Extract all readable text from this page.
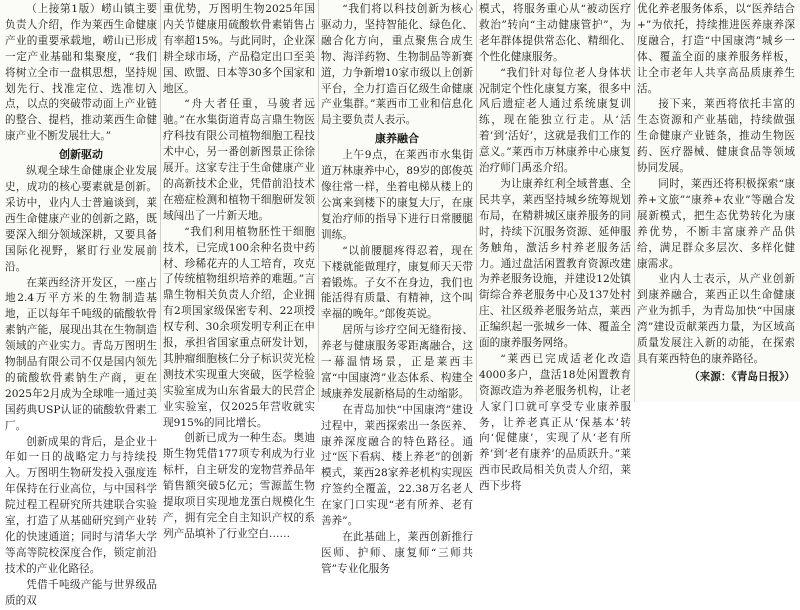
（上接第1版）崂山镇主要负责人介绍，作为莱西生命健康产业的重要承载地，崂山已形成一定产业基础和集聚度，“我们将树立全市一盘棋思想，坚持规划先行、找准定位、选准切入点，以点的突破带动面上产业链的整合、提档，推动莱西生命健康产业不断发展壮大。”

创新驱动

纵观全球生命健康企业发展史，成功的核心要素就是创新。采访中，业内人士普遍谈到，莱西生命健康产业的创新之路，既要深入细分领域深耕，又要具备国际化视野，紧盯行业发展前沿。

在莱西经济开发区，一座占地2.4万平方米的生物制造基地，正以每年千吨级的硫酸软骨素钠产能，展现出其在生物制造领域的产业实力。青岛万图明生物制品有限公司不仅是国内领先的硫酸软骨素钠生产商，更在2025年2月成为全球唯一通过美国药典USP认证的硫酸软骨素工厂。

创新成果的背后，是企业十年如一日的战略定力与持续投入。万图明生物研发投入强度连年保持在行业高位，与中国科学院过程工程研究所共建联合实验室，打造了从基础研究到产业转化的快速通道；同时与清华大学等高等院校深度合作，锁定前沿技术的产业化路径。

凭借千吨级产能与世界级品质的双

重优势，万图明生物2025年国内关节健康用硫酸软骨素销售占有率超15%。与此同时，企业深耕全球市场，产品稳定出口至美国、欧盟、日本等30多个国家和地区。

“舟大者任重，马骏者远驰。”在水集街道青岛言鼎生物医疗科技有限公司植物细胞工程技术中心，另一番创新图景正徐徐展开。这家专注于生命健康产业的高新技术企业，凭借前沿技术在癌症检测和植物干细胞研发领域闯出了一片新天地。

“我们利用植物胚性干细胞技术，已完成100余种名贵中药材、珍稀花卉的人工培育，攻克了传统植物组织培养的难题。”言鼎生物相关负责人介绍，企业拥有2项国家级保密专利、22项授权专利、30余项发明专利正在申报，承担省国家重点研发计划，其肿瘤细胞核仁分子标识荧光检测技术实现重大突破，医学检验实验室成为山东省最大的民营企业实验室，仅2025年营收就实现915%的同比增长。

创新已成为一种生态。奥迪斯生物凭借177项专利成为行业标杆，自主研发的宠物营养品年销售额突破5亿元；雪源蓝生物提取项目实现地龙蛋白规模化生产，拥有完全自主知识产权的系列产品填补了行业空白……

“我们将以科技创新为核心驱动力，坚持智能化、绿色化、融合化方向，重点聚焦合成生物、海洋药物、生物制品等新赛道，力争新增10家市级以上创新平台，全力打造百亿级生命健康产业集群。”莱西市工业和信息化局主要负责人表示。

康养融合

上午9点，在莱西市水集街道万林康养中心，89岁的郎俊英像往常一样，坐着电梯从楼上的公寓来到楼下的康复大厅，在康复治疗师的指导下进行日常腰腿训练。

“以前腰腿疼得忍着，现在下楼就能做理疗，康复师天天带着锻炼。子女不在身边，我们也能活得有质量、有精神，这个叫幸福的晚年。”郎俊英说。

居所与诊疗空间无缝衔接、养老与健康服务零距离融合，这一幕温情场景，正是莱西丰富“中国康湾”业态体系、构建全域康养发展新格局的生动缩影。

在青岛加快“中国康湾”建设过程中，莱西探索出一条医养、康养深度融合的特色路径。通过“医下看病、楼上养老”的创新模式，莱西28家养老机构实现医疗签约全覆盖，22.38万名老人在家门口实现“老有所养、老有善养”。

在此基础上，莱西创新推行医师、护师、康复师“三师共管”专业化服务

模式，将服务重心从“被动医疗救治”转向“主动健康管护”，为老年群体提供常态化、精细化、个性化健康服务。

“我们针对每位老人身体状况制定个性化康复方案，很多中风后遗症老人通过系统康复训练，现在能独立行走。从‘活着’到‘活好’，这就是我们工作的意义。”莱西市万林康养中心康复治疗师门禹丞介绍。

为让康养红利全域普惠、全民共享，莱西坚持城乡统筹规划布局，在精耕城区康养服务的同时，持续下沉服务资源、延伸服务触角，激活乡村养老服务活力。通过盘活闲置教育资源改建为养老服务设施，并建设12处镇街综合养老服务中心及137处村庄、社区级养老服务站点，莱西正编织起一张城乡一体、覆盖全面的康养服务网络。

“莱西已完成适老化改造4000多户，盘活18处闲置教育资源改造为养老服务机构，让老人家门口就可享受专业康养服务，让养老真正从‘保基本’转向‘促健康’，实现了从‘老有所养’到‘老有康养’的品质跃升。”莱西市民政局相关负责人介绍，莱西下步将

优化养老服务体系，以“医养结合+”为依托，持续推进医养康养深度融合，打造“中国康湾”城乡一体、覆盖全面的康养服务样板，让全市老年人共享高品质康养生活。

接下来，莱西将依托丰富的生态资源和产业基础，持续做强生命健康产业链条，推动生物医药、医疗器械、健康食品等领域协同发展。

同时，莱西还将积极探索“康养+文旅”“康养+农业”等融合发展新模式，把生态优势转化为康养优势，不断丰富康养产品供给，满足群众多层次、多样化健康需求。

业内人士表示，从产业创新到康养融合，莱西正以生命健康产业为抓手，为青岛加快“中国康湾”建设贡献莱西力量，为区域高质量发展注入新的动能，在探索具有莱西特色的康养路径。

（来源：《青岛日报》）
